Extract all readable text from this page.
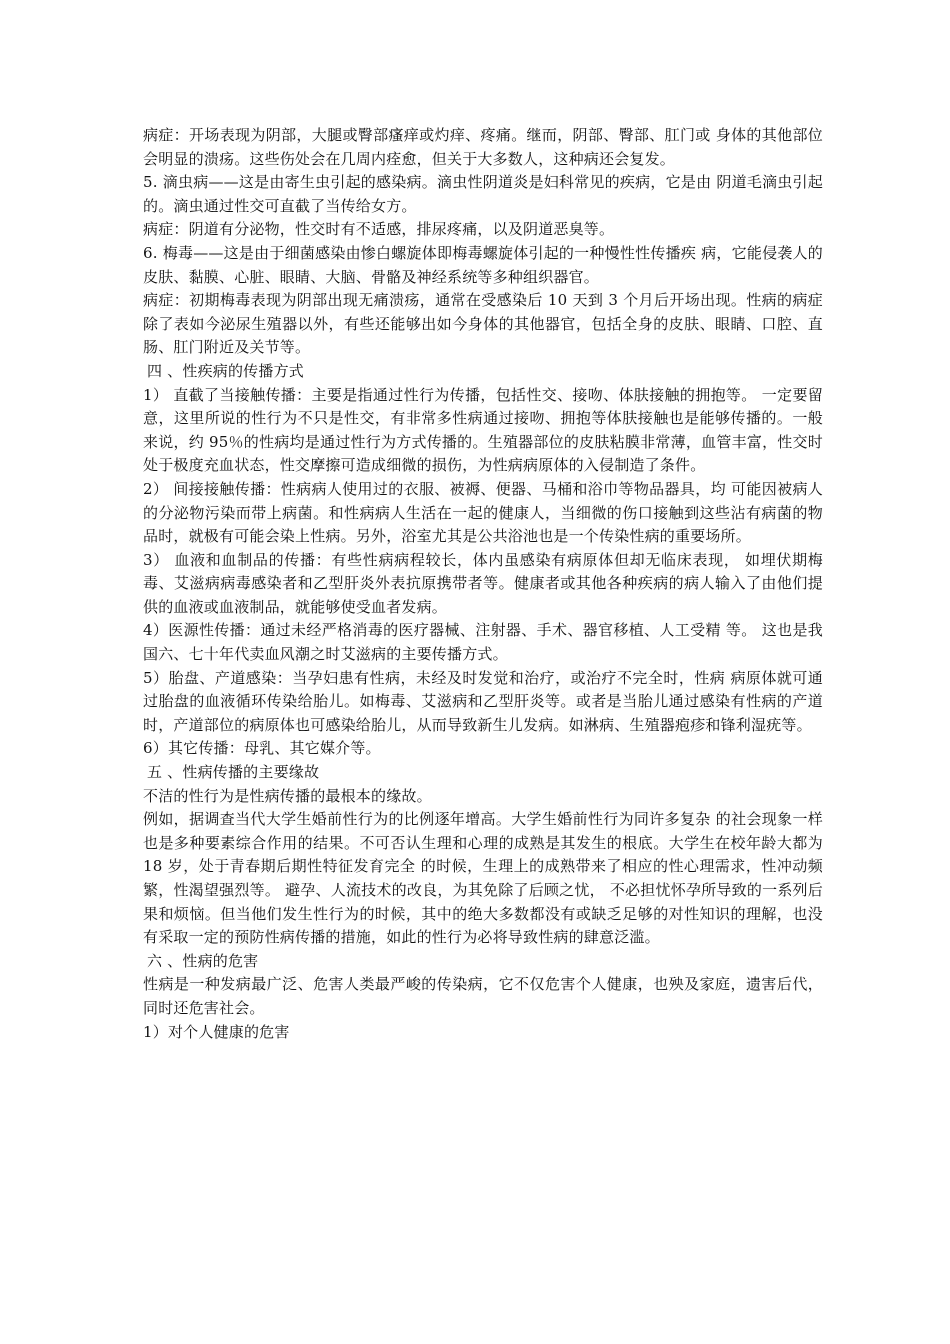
病症：开场表现为阴部，大腿或臀部瘙痒或灼痒、疼痛。继而，阴部、臀部、肛门或 身体的其他部位会明显的溃疡。这些伤处会在几周内痊愈，但关于大多数人，这种病还会复发。

5. 滴虫病——这是由寄生虫引起的感染病。滴虫性阴道炎是妇科常见的疾病，它是由 阴道毛滴虫引起的。滴虫通过性交可直截了当传给女方。

病症：阴道有分泌物，性交时有不适感，排尿疼痛，以及阴道恶臭等。

6. 梅毒——这是由于细菌感染由惨白螺旋体即梅毒螺旋体引起的一种慢性性传播疾 病，它能侵袭人的皮肤、黏膜、心脏、眼睛、大脑、骨骼及神经系统等多种组织器官。

病症：初期梅毒表现为阴部出现无痛溃疡，通常在受感染后 10 天到 3 个月后开场出现。性病的病症除了表如今泌尿生殖器以外，有些还能够出如今身体的其他器官，包括全身的皮肤、眼睛、口腔、直肠、肛门附近及关节等。

四 、性疾病的传播方式

1） 直截了当接触传播：主要是指通过性行为传播，包括性交、接吻、体肤接触的拥抱等。 一定要留意，这里所说的性行为不只是性交，有非常多性病通过接吻、拥抱等体肤接触也是能够传播的。一般来说，约 95％的性病均是通过性行为方式传播的。生殖器部位的皮肤粘膜非常薄，血管丰富，性交时处于极度充血状态，性交摩擦可造成细微的损伤，为性病病原体的入侵制造了条件。

2） 间接接触传播：性病病人使用过的衣服、被褥、便器、马桶和浴巾等物品器具，均 可能因被病人的分泌物污染而带上病菌。和性病病人生活在一起的健康人，当细微的伤口接触到这些沾有病菌的物品时，就极有可能会染上性病。另外，浴室尤其是公共浴池也是一个传染性病的重要场所。

3） 血液和血制品的传播：有些性病病程较长，体内虽感染有病原体但却无临床表现， 如埋伏期梅毒、艾滋病病毒感染者和乙型肝炎外表抗原携带者等。健康者或其他各种疾病的病人输入了由他们提供的血液或血液制品，就能够使受血者发病。

4）医源性传播：通过未经严格消毒的医疗器械、注射器、手术、器官移植、人工受精 等。 这也是我国六、七十年代卖血风潮之时艾滋病的主要传播方式。

5）胎盘、产道感染：当孕妇患有性病，未经及时发觉和治疗，或治疗不完全时，性病 病原体就可通过胎盘的血液循环传染给胎儿。如梅毒、艾滋病和乙型肝炎等。或者是当胎儿通过感染有性病的产道时，产道部位的病原体也可感染给胎儿，从而导致新生儿发病。如淋病、生殖器疱疹和锋利湿疣等。

6）其它传播：母乳、其它媒介等。

五 、性病传播的主要缘故

不洁的性行为是性病传播的最根本的缘故。

例如，据调查当代大学生婚前性行为的比例逐年增高。大学生婚前性行为同许多复杂 的社会现象一样也是多种要素综合作用的结果。不可否认生理和心理的成熟是其发生的根底。大学生在校年龄大都为 18 岁，处于青春期后期性特征发育完全 的时候，生理上的成熟带来了相应的性心理需求，性冲动频繁，性渴望强烈等。 避孕、人流技术的改良，为其免除了后顾之忧， 不必担忧怀孕所导致的一系列后果和烦恼。但当他们发生性行为的时候，其中的绝大多数都没有或缺乏足够的对性知识的理解，也没有采取一定的预防性病传播的措施，如此的性行为必将导致性病的肆意泛滥。

六 、性病的危害

性病是一种发病最广泛、危害人类最严峻的传染病，它不仅危害个人健康，也殃及家庭，遗害后代，同时还危害社会。

1）对个人健康的危害
